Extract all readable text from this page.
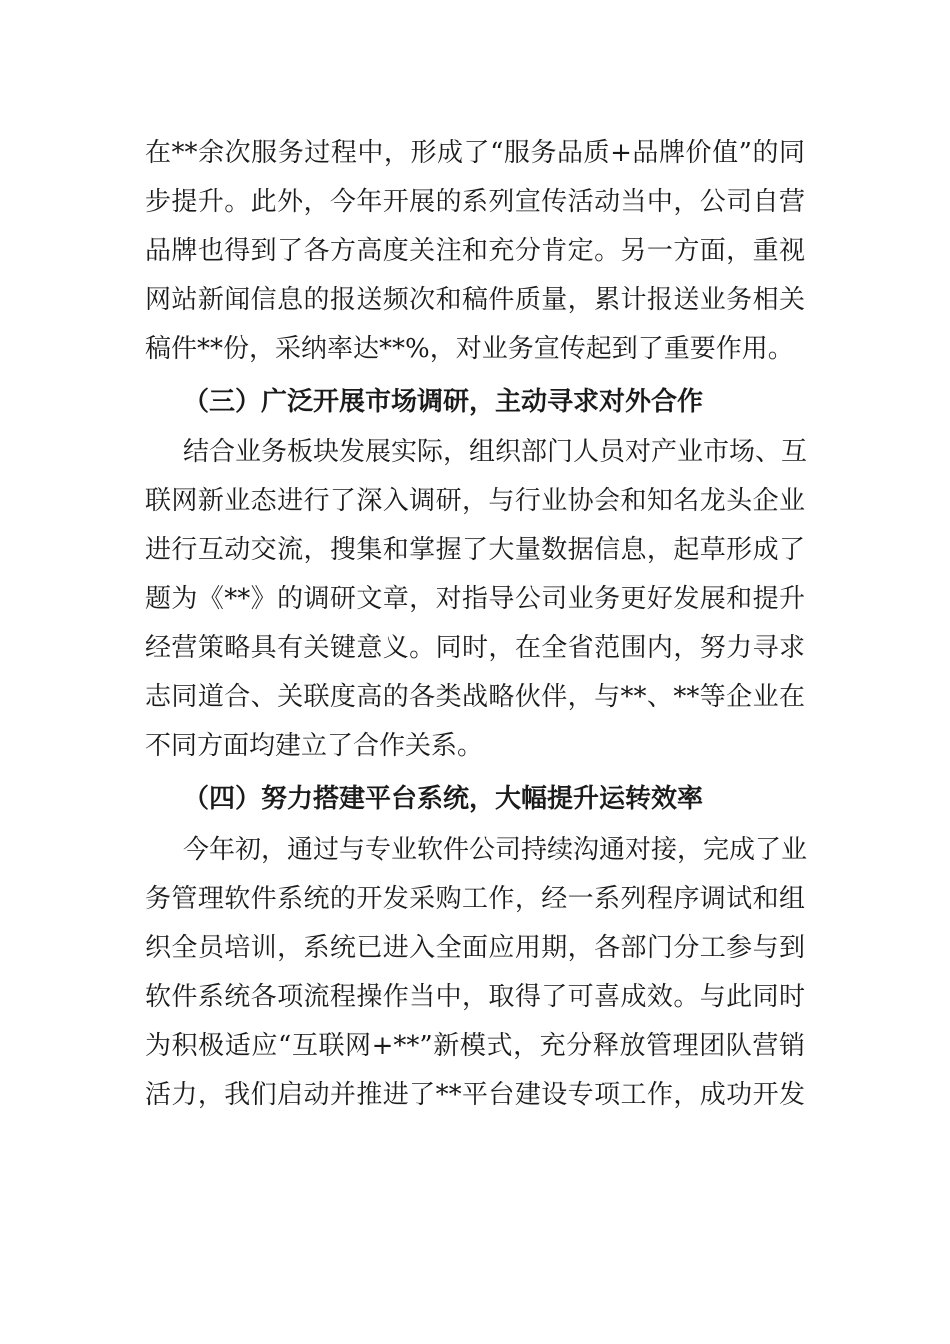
在**余次服务过程中，形成了“服务品质+品牌价值”的同
步提升。此外，今年开展的系列宣传活动当中，公司自营
品牌也得到了各方高度关注和充分肯定。另一方面，重视
网站新闻信息的报送频次和稿件质量，累计报送业务相关
稿件**份，采纳率达**%，对业务宣传起到了重要作用。
（三）广泛开展市场调研，主动寻求对外合作
结合业务板块发展实际，组织部门人员对产业市场、互
联网新业态进行了深入调研，与行业协会和知名龙头企业
进行互动交流，搜集和掌握了大量数据信息，起草形成了
题为《**》的调研文章，对指导公司业务更好发展和提升
经营策略具有关键意义。同时，在全省范围内，努力寻求
志同道合、关联度高的各类战略伙伴，与**、**等企业在
不同方面均建立了合作关系。
（四）努力搭建平台系统，大幅提升运转效率
今年初，通过与专业软件公司持续沟通对接，完成了业
务管理软件系统的开发采购工作，经一系列程序调试和组
织全员培训，系统已进入全面应用期，各部门分工参与到
软件系统各项流程操作当中，取得了可喜成效。与此同时
为积极适应“互联网+**”新模式，充分释放管理团队营销
活力，我们启动并推进了**平台建设专项工作，成功开发
